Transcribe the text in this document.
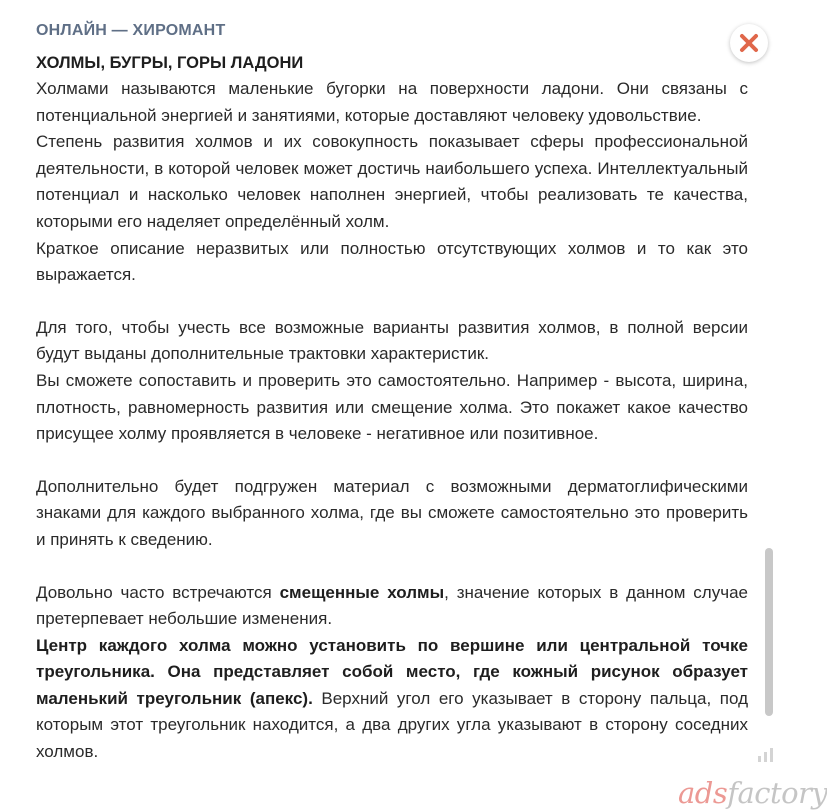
ОНЛАЙН — ХИРОМАНТ

ХОЛМЫ, БУГРЫ, ГОРЫ ЛАДОНИ

Холмами называются маленькие бугорки на поверхности ладони. Они связаны с потенциальной энергией и занятиями, которые доставляют человеку удовольствие.

Степень развития холмов и их совокупность показывает сферы профессиональной деятельности, в которой человек может достичь наибольшего успеха. Интеллектуальный потенциал и насколько человек наполнен энергией, чтобы реализовать те качества, которыми его наделяет определённый холм.

Краткое описание неразвитых или полностью отсутствующих холмов и то как это выражается.

Для того, чтобы учесть все возможные варианты развития холмов, в полной версии будут выданы дополнительные трактовки характеристик.

Вы сможете сопоставить и проверить это самостоятельно. Например - высота, ширина, плотность, равномерность развития или смещение холма. Это покажет какое качество присущее холму проявляется в человеке - негативное или позитивное.

Дополнительно будет подгружен материал с возможными дерматоглифическими знаками для каждого выбранного холма, где вы сможете самостоятельно это проверить и принять к сведению.

Довольно часто встречаются смещенные холмы, значение которых в данном случае претерпевает небольшие изменения.

Центр каждого холма можно установить по вершине или центральной точке треугольника. Она представляет собой место, где кожный рисунок образует маленький треугольник (апекс). Верхний угол его указывает в сторону пальца, под которым этот треугольник находится, а два других угла указывают в сторону соседних холмов.

adsfactory
